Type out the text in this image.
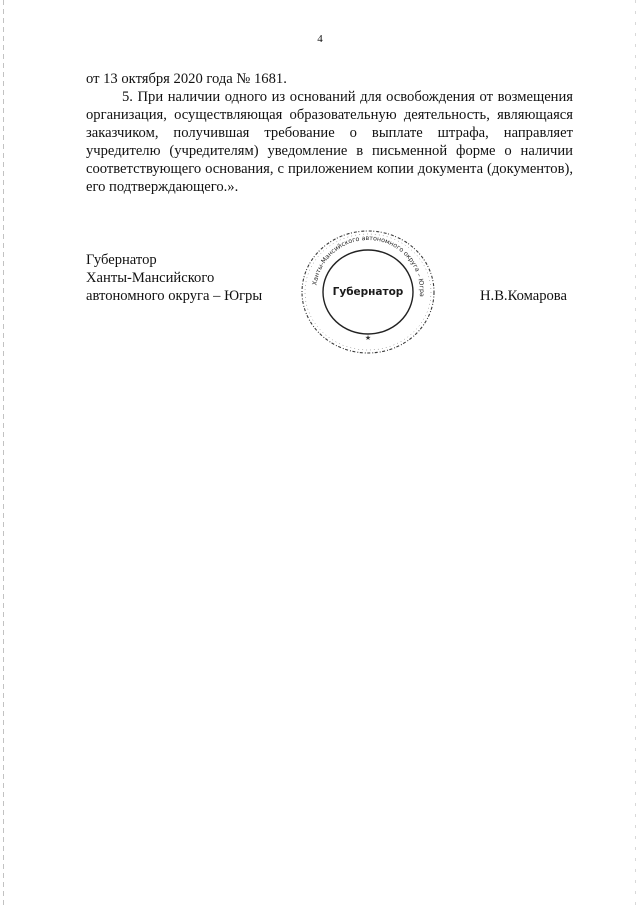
4

от 13 октября 2020 года № 1681.

5. При наличии одного из оснований для освобождения от возмещения организация, осуществляющая образовательную деятельность, являющаяся заказчиком, получившая требование о выплате штрафа, направляет учредителю (учредителям) уведомление в письменной форме о наличии соответствующего основания, с приложением копии документа (документов), его подтверждающего.».

Губернатор
Ханты-Мансийского
автономного округа – Югры
Ханты-Мансийского автономного округа – Югра
Губернатор
★
Н.В.Комарова
